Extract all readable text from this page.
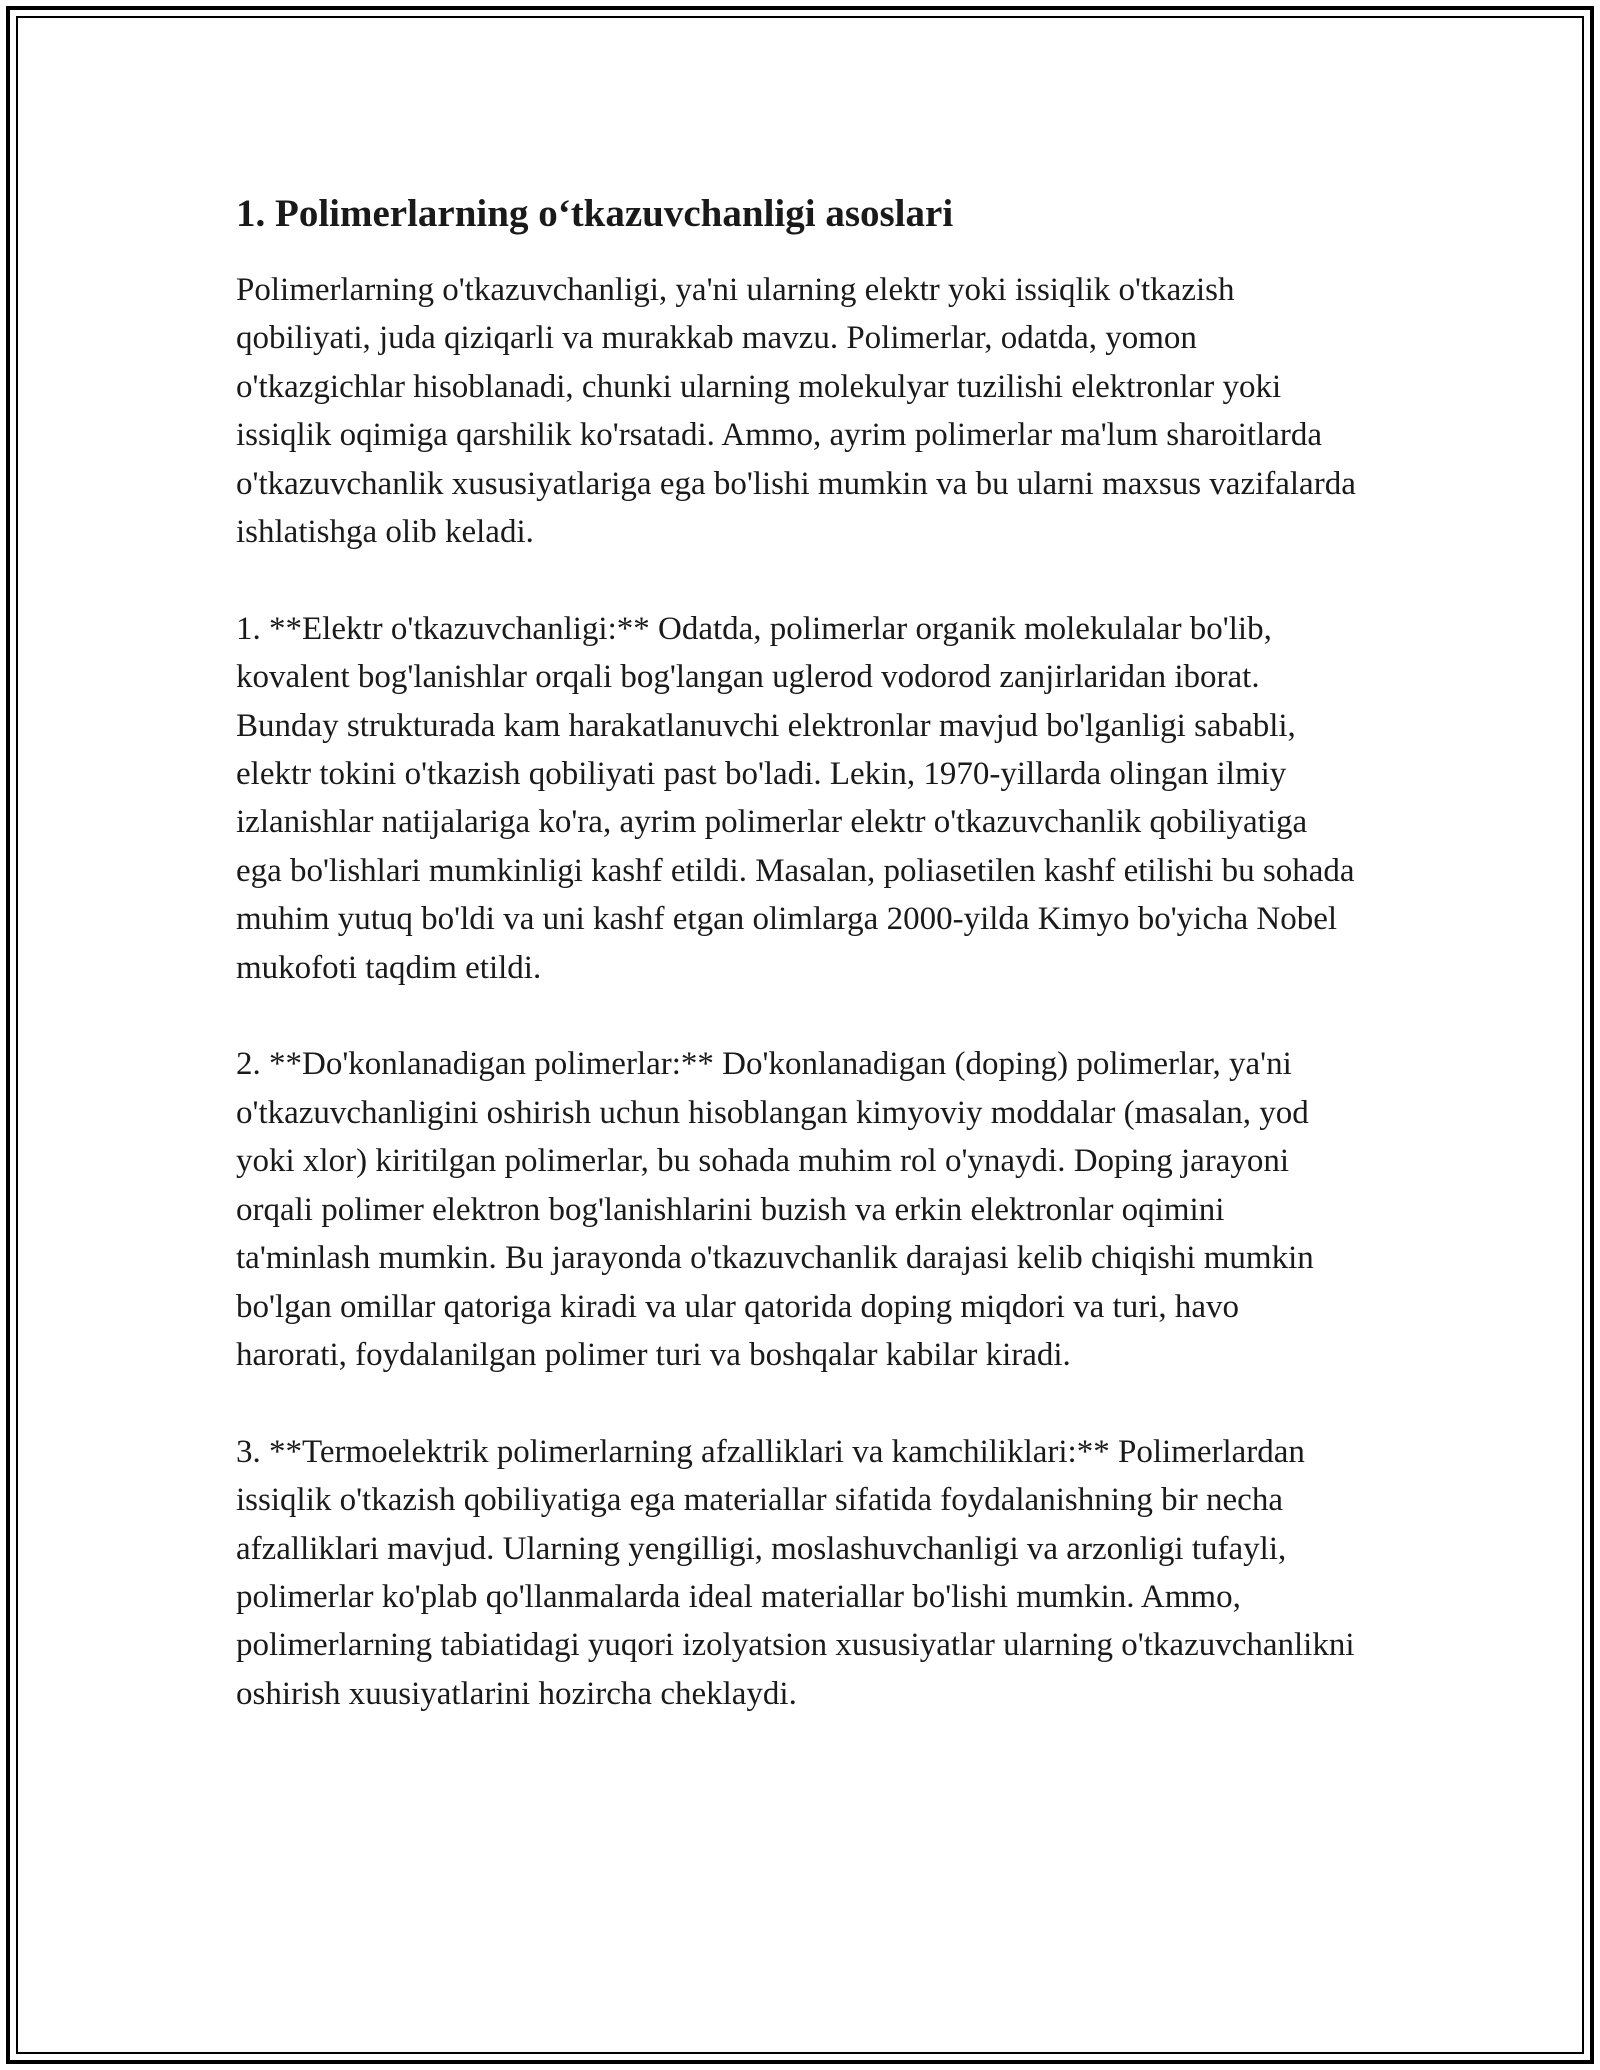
1. Polimerlarning o‘tkazuvchanligi asoslari

Polimerlarning o'tkazuvchanligi, ya'ni ularning elektr yoki issiqlik o'tkazish qobiliyati, juda qiziqarli va murakkab mavzu. Polimerlar, odatda, yomon o'tkazgichlar hisoblanadi, chunki ularning molekulyar tuzilishi elektronlar yoki issiqlik oqimiga qarshilik ko'rsatadi. Ammo, ayrim polimerlar ma'lum sharoitlarda o'tkazuvchanlik xususiyatlariga ega bo'lishi mumkin va bu ularni maxsus vazifalarda ishlatishga olib keladi.

1. **Elektr o'tkazuvchanligi:** Odatda, polimerlar organik molekulalar bo'lib, kovalent bog'lanishlar orqali bog'langan uglerod vodorod zanjirlaridan iborat. Bunday strukturada kam harakatlanuvchi elektronlar mavjud bo'lganligi sababli, elektr tokini o'tkazish qobiliyati past bo'ladi. Lekin, 1970-yillarda olingan ilmiy izlanishlar natijalariga ko'ra, ayrim polimerlar elektr o'tkazuvchanlik qobiliyatiga ega bo'lishlari mumkinligi kashf etildi. Masalan, poliasetilen kashf etilishi bu sohada muhim yutuq bo'ldi va uni kashf etgan olimlarga 2000-yilda Kimyo bo'yicha Nobel mukofoti taqdim etildi.

2. **Do'konlanadigan polimerlar:** Do'konlanadigan (doping) polimerlar, ya'ni o'tkazuvchanligini oshirish uchun hisoblangan kimyoviy moddalar (masalan, yod yoki xlor) kiritilgan polimerlar, bu sohada muhim rol o'ynaydi. Doping jarayoni orqali polimer elektron bog'lanishlarini buzish va erkin elektronlar oqimini ta'minlash mumkin. Bu jarayonda o'tkazuvchanlik darajasi kelib chiqishi mumkin bo'lgan omillar qatoriga kiradi va ular qatorida doping miqdori va turi, havo harorati, foydalanilgan polimer turi va boshqalar kabilar kiradi.

3. **Termoelektrik polimerlarning afzalliklari va kamchiliklari:** Polimerlardan issiqlik o'tkazish qobiliyatiga ega materiallar sifatida foydalanishning bir necha afzalliklari mavjud. Ularning yengilligi, moslashuvchanligi va arzonligi tufayli, polimerlar ko'plab qo'llanmalarda ideal materiallar bo'lishi mumkin. Ammo, polimerlarning tabiatidagi yuqori izolyatsion xususiyatlar ularning o'tkazuvchanlikni oshirish xuusiyatlarini hozircha cheklaydi.
